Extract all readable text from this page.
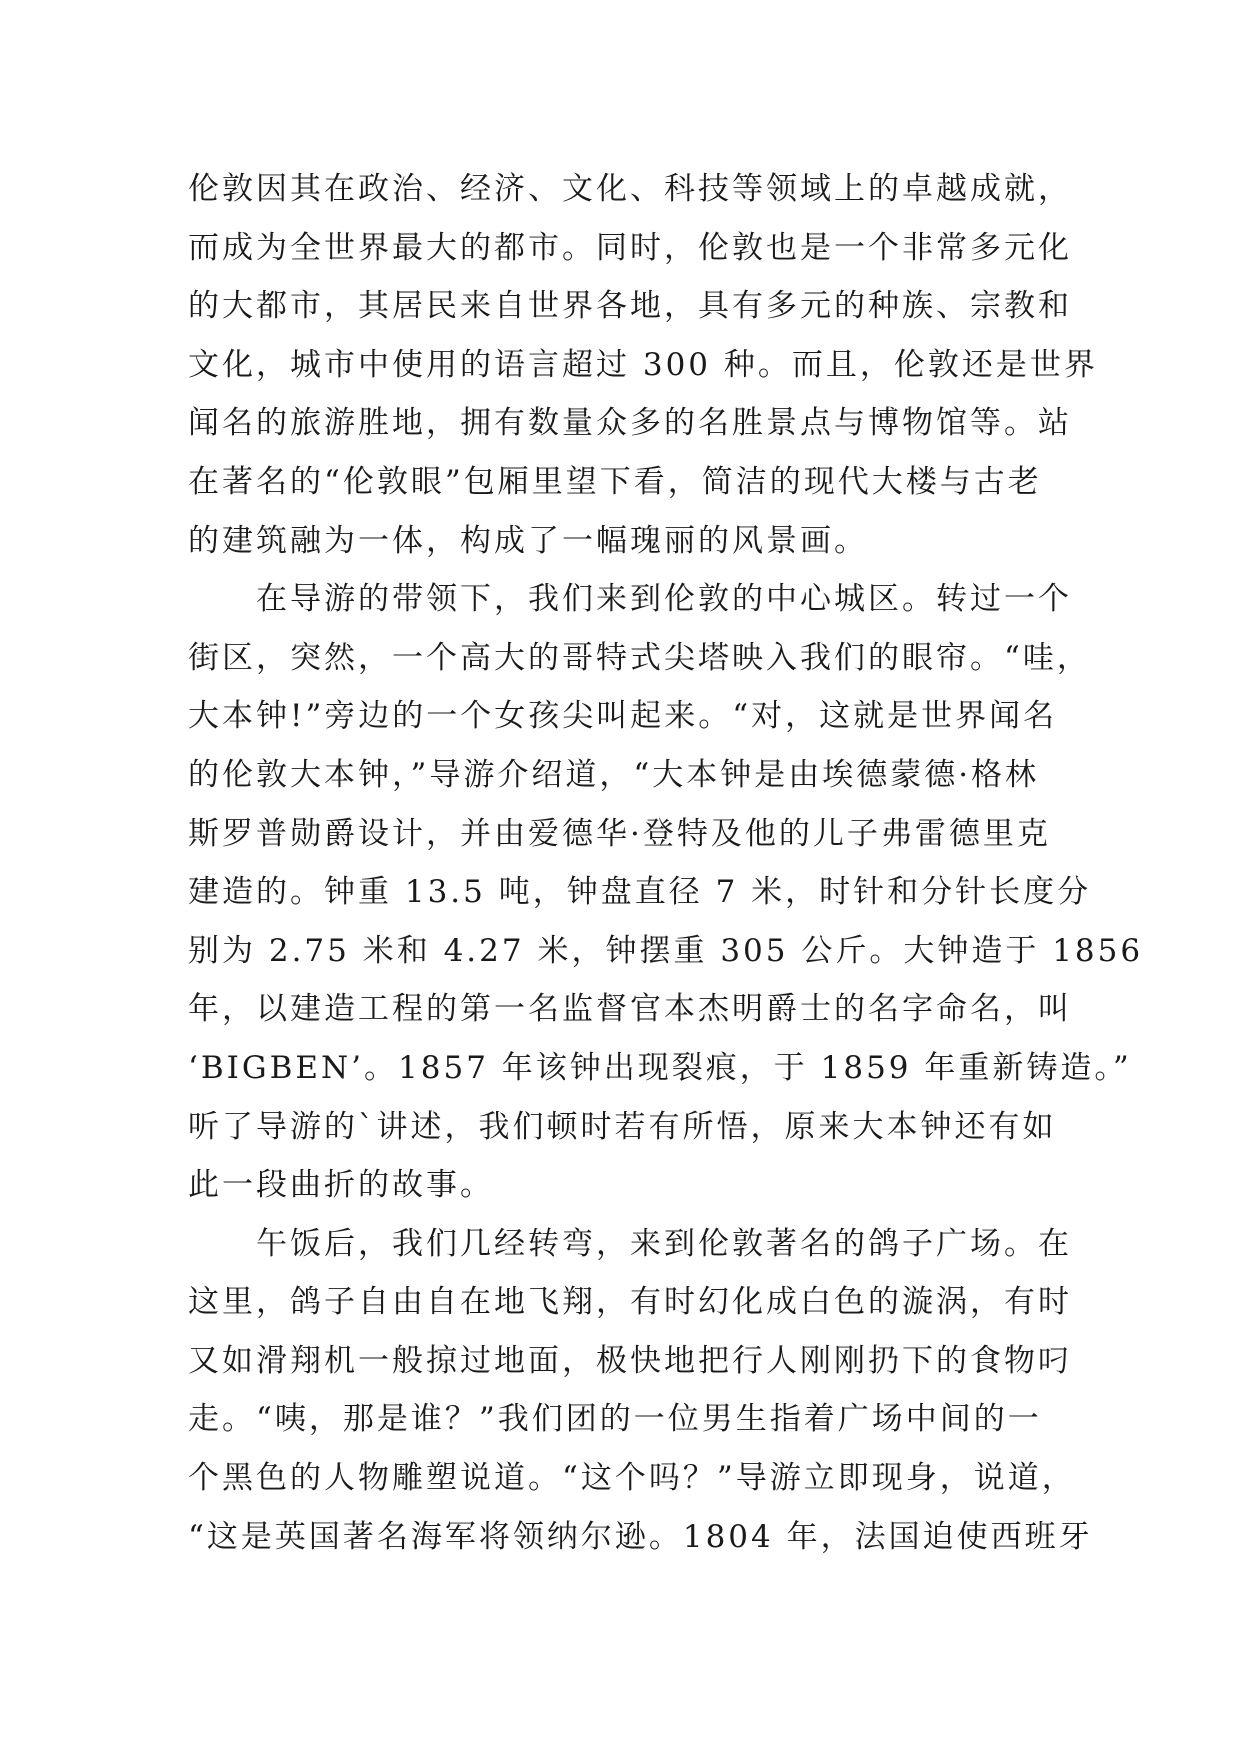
伦敦因其在政治、经济、文化、科技等领域上的卓越成就，
而成为全世界最大的都市。同时，伦敦也是一个非常多元化
的大都市，其居民来自世界各地，具有多元的种族、宗教和
文化，城市中使用的语言超过 300 种。而且，伦敦还是世界
闻名的旅游胜地，拥有数量众多的名胜景点与博物馆等。站
在著名的“伦敦眼”包厢里望下看，简洁的现代大楼与古老
的建筑融为一体，构成了一幅瑰丽的风景画。
　　在导游的带领下，我们来到伦敦的中心城区。转过一个
街区，突然，一个高大的哥特式尖塔映入我们的眼帘。“哇，
大本钟!”旁边的一个女孩尖叫起来。“对，这就是世界闻名
的伦敦大本钟，”导游介绍道，“大本钟是由埃德蒙德·格林
斯罗普勋爵设计，并由爱德华·登特及他的儿子弗雷德里克
建造的。钟重 13.5 吨，钟盘直径 7 米，时针和分针长度分
别为 2.75 米和 4.27 米，钟摆重 305 公斤。大钟造于 1856
年，以建造工程的第一名监督官本杰明爵士的名字命名，叫
‘BIGBEN’。1857 年该钟出现裂痕，于 1859 年重新铸造。”
听了导游的`讲述，我们顿时若有所悟，原来大本钟还有如
此一段曲折的故事。
　　午饭后，我们几经转弯，来到伦敦著名的鸽子广场。在
这里，鸽子自由自在地飞翔，有时幻化成白色的漩涡，有时
又如滑翔机一般掠过地面，极快地把行人刚刚扔下的食物叼
走。“咦，那是谁？”我们团的一位男生指着广场中间的一
个黑色的人物雕塑说道。“这个吗？”导游立即现身，说道，
“这是英国著名海军将领纳尔逊。1804 年，法国迫使西班牙
